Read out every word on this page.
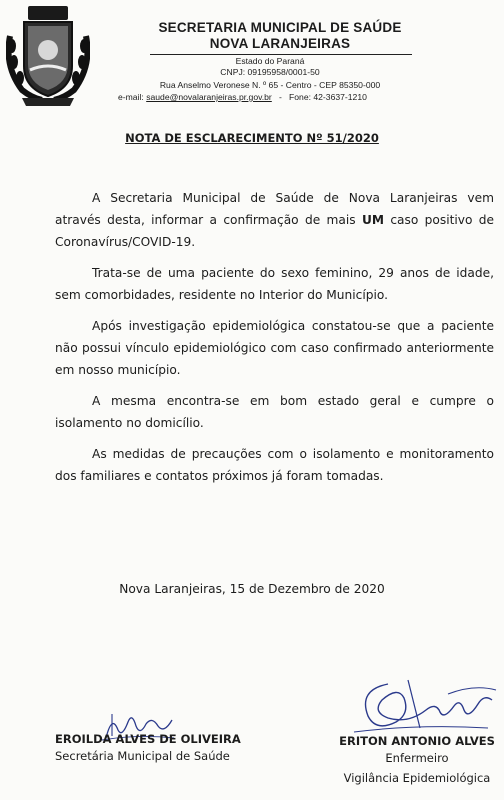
SECRETARIA MUNICIPAL DE SAÚDE
NOVA LARANJEIRAS
Estado do Paraná
CNPJ: 09195958/0001-50
Rua Anselmo Veronese N. º 65 - Centro - CEP 85350-000
e-mail: saude@novalaranjeiras.pr.gov.br - Fone: 42-3637-1210
NOTA DE ESCLARECIMENTO Nº 51/2020

A Secretaria Municipal de Saúde de Nova Laranjeiras vem através desta, informar a confirmação de mais UM caso positivo de Coronavírus/COVID-19.

Trata-se de uma paciente do sexo feminino, 29 anos de idade, sem comorbidades, residente no Interior do Município.

Após investigação epidemiológica constatou-se que a paciente não possui vínculo epidemiológico com caso confirmado anteriormente em nosso município.

A mesma encontra-se em bom estado geral e cumpre o isolamento no domicílio.

As medidas de precauções com o isolamento e monitoramento dos familiares e contatos próximos já foram tomadas.

Nova Laranjeiras, 15 de Dezembro de 2020
EROILDA ALVES DE OLIVEIRA
Secretária Municipal de Saúde
ERITON ANTONIO ALVES
Enfermeiro
Vigilância Epidemiológica
